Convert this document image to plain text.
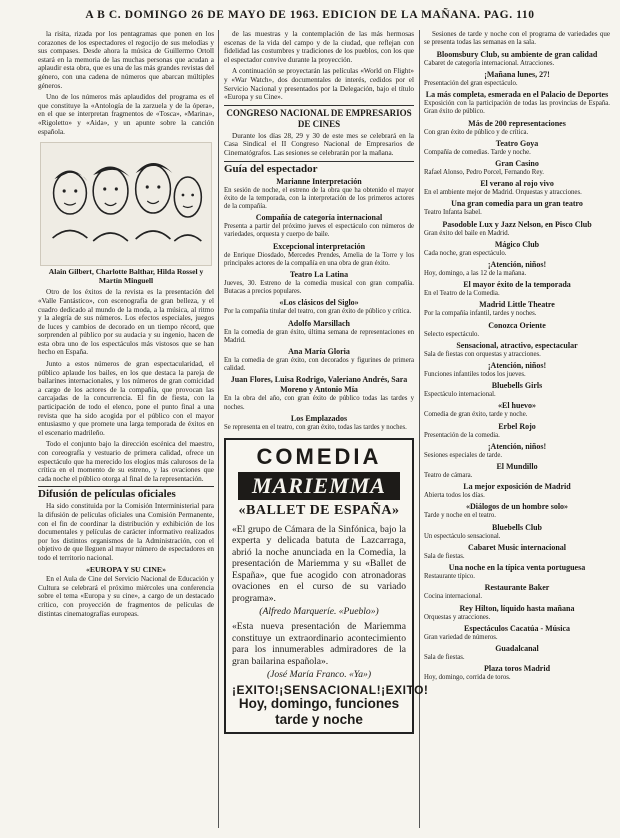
A B C. DOMINGO 26 DE MAYO DE 1963. EDICION DE LA MAÑANA. PAG. 110

la risita, rizada por los pentagramas que ponen en los corazones de los espectadores el regocijo de sus melodías y sus compases. Desde ahora la música de Guillermo Ortoll estará en la memoria de las muchas personas que acudan a aplaudir esta obra, que es una de las más grandes revistas del género, con una cadena de números que abarcan múltiples géneros.

Uno de los números más aplaudidos del programa es el que constituye la «Antología de la zarzuela y de la ópera», en el que se interpretan fragmentos de «Tosca», «Marina», «Rigoletto» y «Aida», y un apunte sobre la canción española.

Alain Gilbert, Charlotte Balthar, Hilda Rossel y Martín Minguell

Otro de los éxitos de la revista es la presentación del «Valle Fantástico», con escenografía de gran belleza, y el cuadro dedicado al mundo de la moda, a la música, al ritmo y la alegría de sus números. Los efectos especiales, juegos de luces y cambios de decorado en un tiempo récord, que sorprenden al público por su audacia y su ingenio, hacen de esta obra uno de los espectáculos más vistosos que se han hecho en España.

Junto a estos números de gran espectacularidad, el público aplaude los bailes, en los que destaca la pareja de bailarines internacionales, y los números de gran comicidad a cargo de los actores de la compañía, que provocan las carcajadas de la concurrencia. El fin de fiesta, con la participación de todo el elenco, pone el punto final a una revista que ha sido acogida por el público con el mayor entusiasmo y que promete una larga temporada de éxitos en el escenario madrileño.

Todo el conjunto bajo la dirección escénica del maestro, con coreografía y vestuario de primera calidad, ofrece un espectáculo que ha merecido los elogios más calurosos de la crítica en el momento de su estreno, y las ovaciones que cada noche el público otorga al final de la representación.

Difusión de películas oficiales

Ha sido constituida por la Comisión Interministerial para la difusión de películas oficiales una Comisión Permanente, con el fin de coordinar la distribución y exhibición de los documentales y películas de carácter informativo realizados por los distintos organismos de la Administración, con el objetivo de que lleguen al mayor número de espectadores en todo el territorio nacional.

«EUROPA Y SU CINE»

En el Aula de Cine del Servicio Nacional de Educación y Cultura se celebrará el próximo miércoles una conferencia sobre el tema «Europa y su cine», a cargo de un destacado crítico, con proyección de fragmentos de películas de distintas cinematografías europeas.

de las muestras y la contemplación de las más hermosas escenas de la vida del campo y de la ciudad, que reflejan con fidelidad las costumbres y tradiciones de los pueblos, con los que el espectador convive durante la proyección.

A continuación se proyectarán las películas «World on Flight» y «War Watch», dos documentales de interés, cedidos por el Servicio Nacional y presentados por la Delegación, bajo el título «Europa y su Cine».

CONGRESO NACIONAL DE EMPRESARIOS DE CINES

Durante los días 28, 29 y 30 de este mes se celebrará en la Casa Sindical el II Congreso Nacional de Empresarios de Cinematógrafos. Las sesiones se celebrarán por la mañana.

Guía del espectador
Marianne Interpretación
En sesión de noche, el estreno de la obra que ha obtenido el mayor éxito de la temporada, con la interpretación de los primeros actores de la compañía.
Compañía de categoría internacional
Presenta a partir del próximo jueves el espectáculo con números de variedades, orquesta y cuerpo de baile.
Excepcional interpretación
de Enrique Diosdado, Mercedes Prendes, Amelia de la Torre y los principales actores de la compañía en una obra de gran éxito.
Teatro La Latina
Jueves, 30. Estreno de la comedia musical con gran compañía. Butacas a precios populares.
«Los clásicos del Siglo»
Por la compañía titular del teatro, con gran éxito de público y crítica.
Adolfo Marsillach
En la comedia de gran éxito, última semana de representaciones en Madrid.
Ana María Gloria
En la comedia de gran éxito, con decorados y figurines de primera calidad.
Juan Flores, Luisa Rodrigo, Valeriano Andrés, Sara Moreno y Antonio Mía
En la obra del año, con gran éxito de público todas las tardes y noches.
Los Emplazados
Se representa en el teatro, con gran éxito, todas las tardes y noches.
COMEDIA
MARIEMMA
«BALLET DE ESPAÑA»
«El grupo de Cámara de la Sinfónica, bajo la experta y delicada batuta de Lazcarraga, abrió la noche anunciada en la Comedia, la presentación de Mariemma y su «Ballet de España», que fue acogido con atronadoras ovaciones en el curso de su variado programa».
(Alfredo Marqueríe. «Pueblo»)
«Esta nueva presentación de Mariemma constituye un extraordinario acontecimiento para los innumerables admiradores de la gran bailarina española».
(José María Franco. «Ya»)
¡EXITO! ¡SENSACIONAL! ¡EXITO!
Hoy, domingo, funciones
tarde y noche

Sesiones de tarde y noche con el programa de variedades que se presenta todas las semanas en la sala.

Bloomsbury Club, su ambiente de gran calidad
Cabaret de categoría internacional. Atracciones.
¡Mañana lunes, 27!
Presentación del gran espectáculo.
La más completa, esmerada en el Palacio de Deportes
Exposición con la participación de todas las provincias de España. Gran éxito de público.
Más de 200 representaciones
Con gran éxito de público y de crítica.
Teatro Goya
Compañía de comedias. Tarde y noche.
Gran Casino
Rafael Alonso, Pedro Porcel, Fernando Rey.
El verano al rojo vivo
En el ambiente mejor de Madrid. Orquestas y atracciones.
Una gran comedia para un gran teatro
Teatro Infanta Isabel.
Pasodoble Lux y Jazz Nelson, en Pisco Club
Gran éxito del baile en Madrid.
Mágico Club
Cada noche, gran espectáculo.
¡Atención, niños!
Hoy, domingo, a las 12 de la mañana.
El mayor éxito de la temporada
En el Teatro de la Comedia.
Madrid Little Theatre
Por la compañía infantil, tardes y noches.
Conozca Oriente
Selecto espectáculo.
Sensacional, atractivo, espectacular
Sala de fiestas con orquestas y atracciones.
¡Atención, niños!
Funciones infantiles todos los jueves.
Bluebells Girls
Espectáculo internacional.
«El huevo»
Comedia de gran éxito, tarde y noche.
Erbel Rojo
Presentación de la comedia.
¡Atención, niños!
Sesiones especiales de tarde.
El Mundillo
Teatro de cámara.
La mejor exposición de Madrid
Abierta todos los días.
«Diálogos de un hombre solo»
Tarde y noche en el teatro.
Bluebells Club
Un espectáculo sensacional.
Cabaret Music internacional
Sala de fiestas.
Una noche en la típica venta portuguesa
Restaurante típico.
Restaurante Baker
Cocina internacional.
Rey Hilton, líquido hasta mañana
Orquestas y atracciones.
Espectáculos Cacatúa - Música
Gran variedad de números.
Guadalcanal
Sala de fiestas.
Plaza toros Madrid
Hoy, domingo, corrida de toros.
